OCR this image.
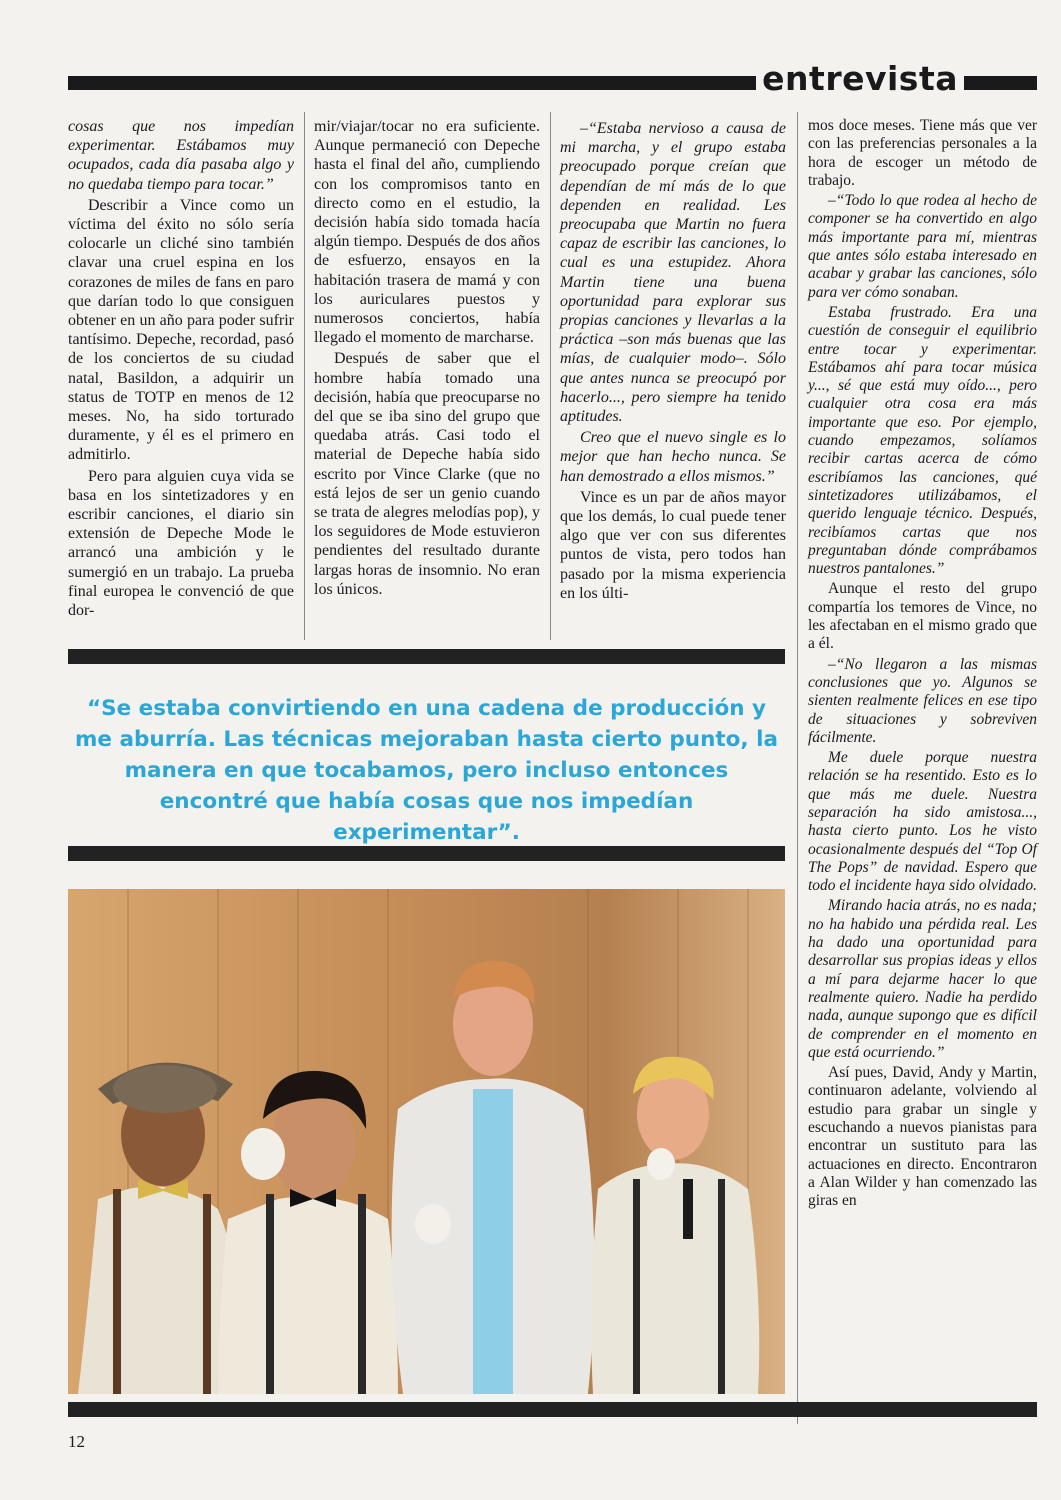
entrevista

cosas que nos impedían experimentar. Estábamos muy ocupados, cada día pasaba algo y no quedaba tiempo para tocar.”

Describir a Vince como un víctima del éxito no sólo sería colocarle un cliché sino también clavar una cruel espina en los corazones de miles de fans en paro que darían todo lo que consiguen obtener en un año para poder sufrir tantísimo. Depeche, recordad, pasó de los conciertos de su ciudad natal, Basildon, a adquirir un status de TOTP en menos de 12 meses. No, ha sido torturado duramente, y él es el primero en admitirlo.

Pero para alguien cuya vida se basa en los sintetizadores y en escribir canciones, el diario sin extensión de Depeche Mode le arrancó una ambición y le sumergió en un trabajo. La prueba final europea le convenció de que dor-

mir/viajar/tocar no era suficiente. Aunque permaneció con Depeche hasta el final del año, cumpliendo con los compromisos tanto en directo como en el estudio, la decisión había sido tomada hacía algún tiempo. Después de dos años de esfuerzo, ensayos en la habitación trasera de mamá y con los auriculares puestos y numerosos conciertos, había llegado el momento de marcharse.

Después de saber que el hombre había tomado una decisión, había que preocuparse no del que se iba sino del grupo que quedaba atrás. Casi todo el material de Depeche había sido escrito por Vince Clarke (que no está lejos de ser un genio cuando se trata de alegres melodías pop), y los seguidores de Mode estuvieron pendientes del resultado durante largas horas de insomnio. No eran los únicos.

–“Estaba nervioso a causa de mi marcha, y el grupo estaba preocupado porque creían que dependían de mí más de lo que dependen en realidad. Les preocupaba que Martin no fuera capaz de escribir las canciones, lo cual es una estupidez. Ahora Martin tiene una buena oportunidad para explorar sus propias canciones y llevarlas a la práctica –son más buenas que las mías, de cualquier modo–. Sólo que antes nunca se preocupó por hacerlo..., pero siempre ha tenido aptitudes.

Creo que el nuevo single es lo mejor que han hecho nunca. Se han demostrado a ellos mismos.”

Vince es un par de años mayor que los demás, lo cual puede tener algo que ver con sus diferentes puntos de vista, pero todos han pasado por la misma experiencia en los últi-

mos doce meses. Tiene más que ver con las preferencias personales a la hora de escoger un método de trabajo.

–“Todo lo que rodea al hecho de componer se ha convertido en algo más importante para mí, mientras que antes sólo estaba interesado en acabar y grabar las canciones, sólo para ver cómo sonaban.

Estaba frustrado. Era una cuestión de conseguir el equilibrio entre tocar y experimentar. Estábamos ahí para tocar música y..., sé que está muy oído..., pero cualquier otra cosa era más importante que eso. Por ejemplo, cuando empezamos, solíamos recibir cartas acerca de cómo escribíamos las canciones, qué sintetizadores utilizábamos, el querido lenguaje técnico. Después, recibíamos cartas que nos preguntaban dónde comprábamos nuestros pantalones.”

Aunque el resto del grupo compartía los temores de Vince, no les afectaban en el mismo grado que a él.

–“No llegaron a las mismas conclusiones que yo. Algunos se sienten realmente felices en ese tipo de situaciones y sobreviven fácilmente.

Me duele porque nuestra relación se ha resentido. Esto es lo que más me duele. Nuestra separación ha sido amistosa..., hasta cierto punto. Los he visto ocasionalmente después del “Top Of The Pops” de navidad. Espero que todo el incidente haya sido olvidado.

Mirando hacia atrás, no es nada; no ha habido una pérdida real. Les ha dado una oportunidad para desarrollar sus propias ideas y ellos a mí para dejarme hacer lo que realmente quiero. Nadie ha perdido nada, aunque supongo que es difícil de comprender en el momento en que está ocurriendo.”

Así pues, David, Andy y Martin, continuaron adelante, volviendo al estudio para grabar un single y escuchando a nuevos pianistas para encontrar un sustituto para las actuaciones en directo. Encontraron a Alan Wilder y han comenzado las giras en

“Se estaba convirtiendo en una cadena de producción y me aburría. Las técnicas mejoraban hasta cierto punto, la manera en que tocabamos, pero incluso entonces encontré que había cosas que nos impedían experimentar”.
12
